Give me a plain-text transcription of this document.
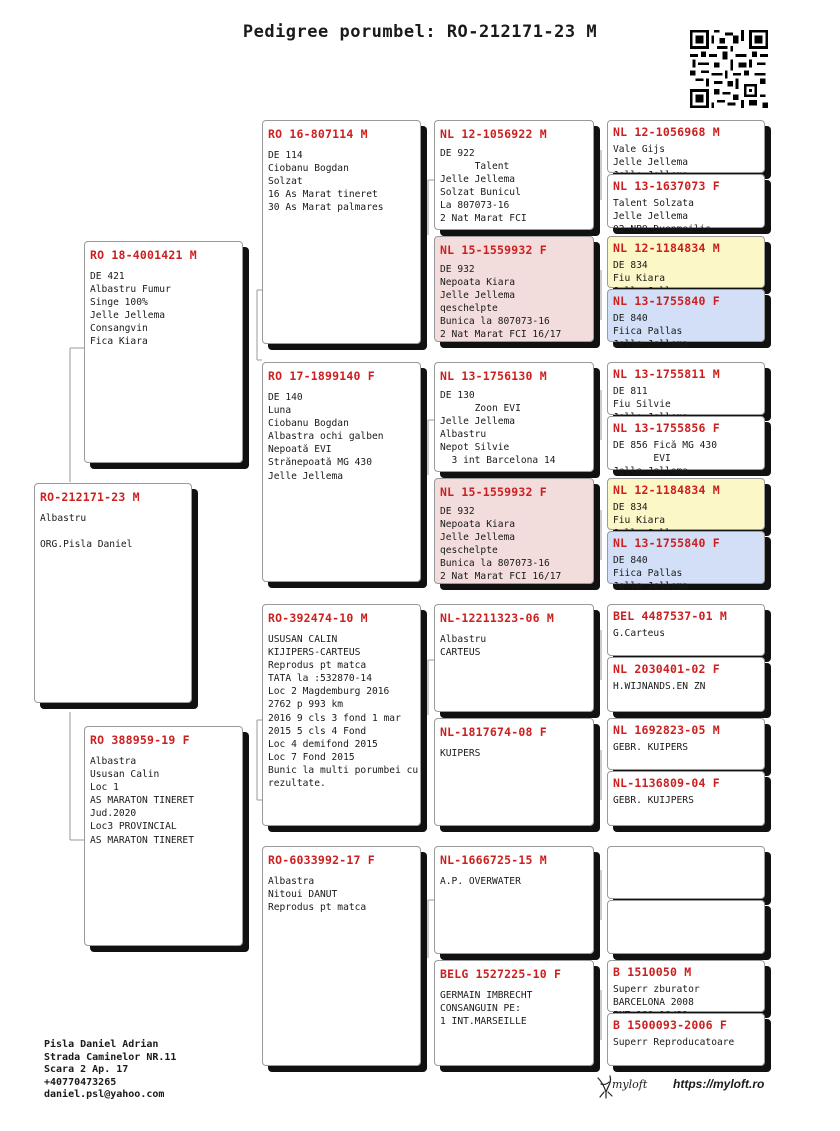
Pedigree porumbel: RO-212171-23 M
RO-212171-23 M
Albastru

ORG.Pisla Daniel
RO 18-4001421 M
DE 421
Albastru Fumur
Singe 100%
Jelle Jellema
Consangvin
Fica Kiara
RO 388959-19 F
Albastra
Ususan Calin
Loc 1
AS MARATON TINERET
Jud.2020
Loc3 PROVINCIAL
AS MARATON TINERET
RO 16-807114 M
DE 114
Ciobanu Bogdan
Solzat
16 As Marat tineret
30 As Marat palmares
RO 17-1899140 F
DE 140
Luna
Ciobanu Bogdan
Albastra ochi galben
Nepoată EVI
Strănepoată MG 430
Jelle Jellema
RO-392474-10 M
USUSAN CALIN
KIJIPERS-CARTEUS
Reprodus pt matca
TATA la :532870-14
Loc 2 Magdemburg 2016
2762 p 993 km
2016 9 cls 3 fond 1 mar
2015 5 cls 4 Fond
Loc 4 demifond 2015
Loc 7 Fond 2015
Bunic la multi porumbei cu
rezultate.
RO-6033992-17 F
Albastra
Nitoui DANUT
Reprodus pt matca
NL 12-1056922 M
DE 922
Talent
Jelle Jellema
Solzat Bunicul
La 807073-16
2 Nat Marat FCI
NL 15-1559932 F
DE 932
Nepoata Kiara
Jelle Jellema
qeschelpte
Bunica la 807073-16
2 Nat Marat FCI 16/17
NL 13-1756130 M
DE 130
Zoon EVI
Jelle Jellema
Albastru
Nepot Silvie
3 int Barcelona 14
NL 15-1559932 F
DE 932
Nepoata Kiara
Jelle Jellema
qeschelpte
Bunica la 807073-16
2 Nat Marat FCI 16/17
NL-12211323-06 M
Albastru
CARTEUS
NL-1817674-08 F
KUIPERS
NL-1666725-15 M
A.P. OVERWATER
BELG 1527225-10 F
GERMAIN IMBRECHT
CONSANGUIN PE:
1 INT.MARSEILLE
NL 12-1056968 M
Vale Gijs
Jelle Jellema

NL 13-1637073 F
Talent Solzata
Jelle Jellema
02 NPO Duenmeilis
NL 12-1184834 M
DE 834
Fiu Kiara

NL 13-1755840 F
DE 840
Fiica Pallas
Jelle Jellema
NL 13-1755811 M
DE 811
Fiu Silvie

NL 13-1755856 F
DE 856 Fică MG 430
EVI
Jelle Jellema
NL 12-1184834 M
DE 834
Fiu Kiara

NL 13-1755840 F
DE 840
Fiica Pallas
Jelle Jellema
BEL 4487537-01 M
G.Carteus
NL 2030401-02 F
H.WIJNANDS.EN ZN
NL 1692823-05 M
GEBR. KUIPERS
NL-1136809-04 F
GEBR. KUIJPERS
B 1510050 M
Superr zburator
BARCELONA 2008

B 1500093-2006 F
Superr Reproducatoare
Pisla Daniel Adrian
Strada Caminelor NR.11
Scara 2 Ap. 17
+40770473265
daniel.psl@yahoo.com
myloft https://myloft.ro
